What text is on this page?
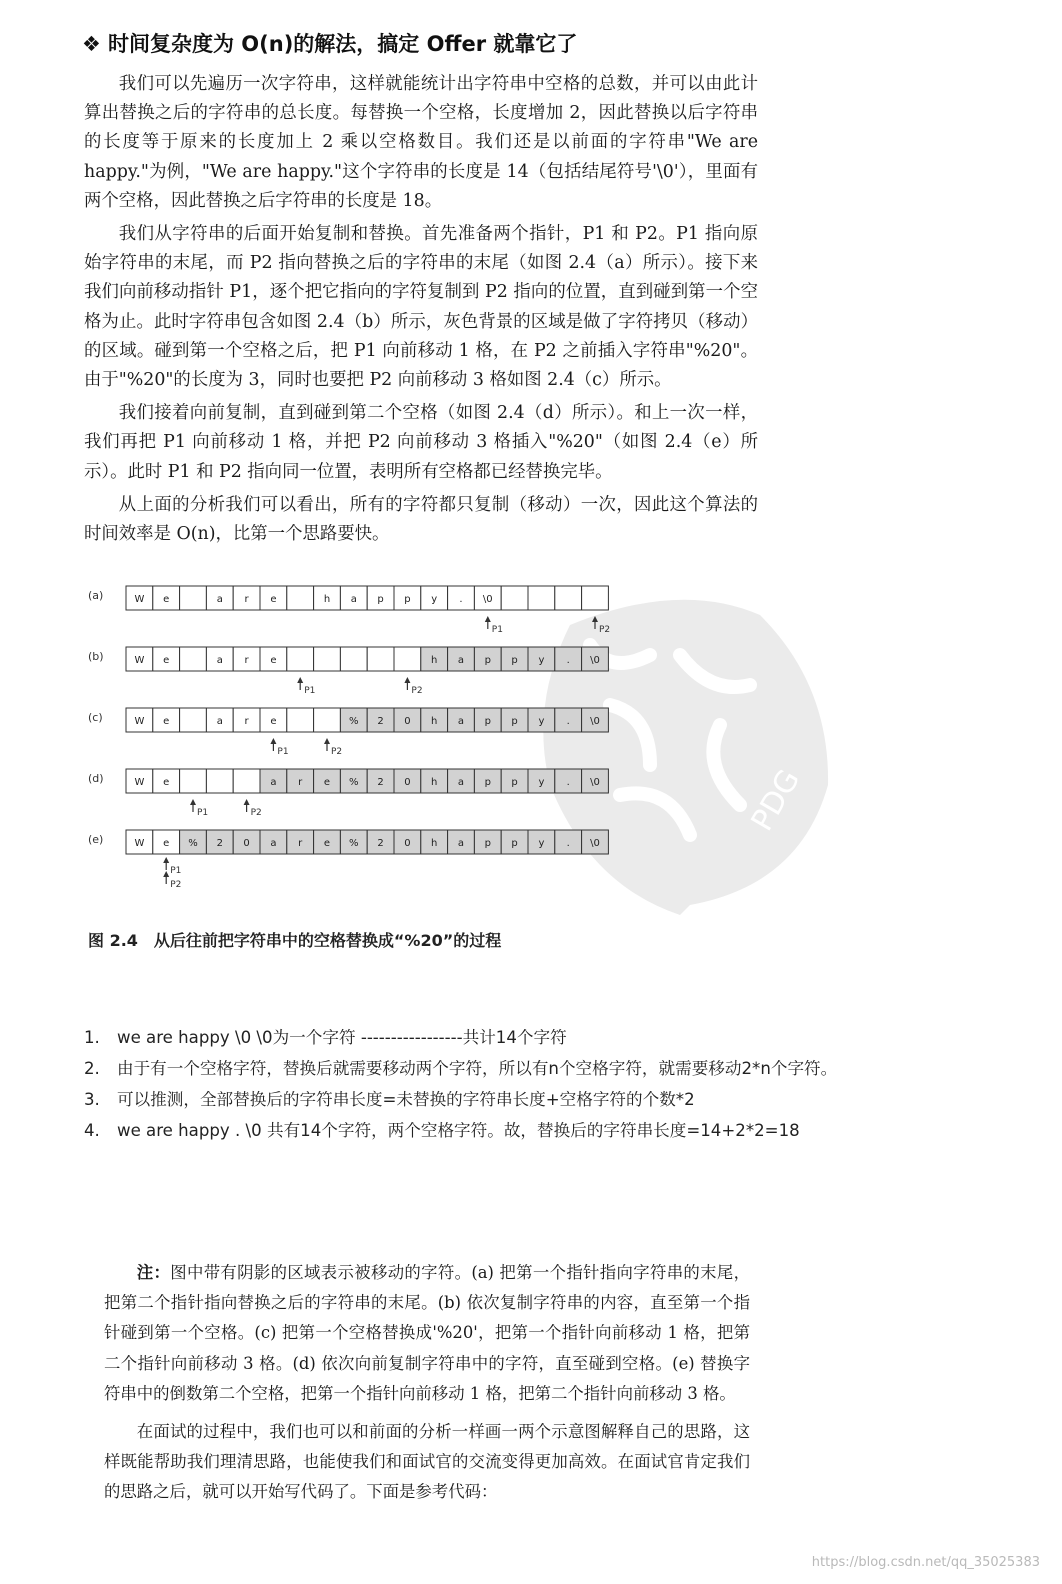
❖ 时间复杂度为 O(n)的解法，搞定 Offer 就靠它了

我们可以先遍历一次字符串，这样就能统计出字符串中空格的总数，并可以由此计算出替换之后的字符串的总长度。每替换一个空格，长度增加 2，因此替换以后字符串的长度等于原来的长度加上 2 乘以空格数目。我们还是以前面的字符串"We are happy."为例，"We are happy."这个字符串的长度是 14（包括结尾符号'\0'），里面有两个空格，因此替换之后字符串的长度是 18。

我们从字符串的后面开始复制和替换。首先准备两个指针，P1 和 P2。P1 指向原始字符串的末尾，而 P2 指向替换之后的字符串的末尾（如图 2.4（a）所示）。接下来我们向前移动指针 P1，逐个把它指向的字符复制到 P2 指向的位置，直到碰到第一个空格为止。此时字符串包含如图 2.4（b）所示，灰色背景的区域是做了字符拷贝（移动）的区域。碰到第一个空格之后，把 P1 向前移动 1 格，在 P2 之前插入字符串"%20"。由于"%20"的长度为 3，同时也要把 P2 向前移动 3 格如图 2.4（c）所示。

我们接着向前复制，直到碰到第二个空格（如图 2.4（d）所示）。和上一次一样，我们再把 P1 向前移动 1 格，并把 P2 向前移动 3 格插入"%20"（如图 2.4（e）所示）。此时 P1 和 P2 指向同一位置，表明所有空格都已经替换完毕。

从上面的分析我们可以看出，所有的字符都只复制（移动）一次，因此这个算法的时间效率是 O(n)，比第一个思路要快。

PDG
(a)	W e	a r e	h a p p y . \0
P1	P2
(b)	W e	a r e	h a p p y . \0
P1	P2
(c)	W e	a r e	% 2 0 h a p p y . \0
P1	P2
(d)	W e	a r e % 2 0 h a p p y . \0
P1	P2
(e)	W e % 2 0 a r e % 2 0 h a p p y . \0
P1
P2
图 2.4　从后往前把字符串中的空格替换成“%20”的过程
1. we are happy \0 \0为一个字符 -----------------共计14个字符
2. 由于有一个空格字符，替换后就需要移动两个字符，所以有n个空格字符，就需要移动2*n个字符。
3. 可以推测，全部替换后的字符串长度=未替换的字符串长度+空格字符的个数*2
4. we are happy . \0 共有14个字符，两个空格字符。故，替换后的字符串长度=14+2*2=18

注：图中带有阴影的区域表示被移动的字符。(a) 把第一个指针指向字符串的末尾，把第二个指针指向替换之后的字符串的末尾。(b) 依次复制字符串的内容，直至第一个指针碰到第一个空格。(c) 把第一个空格替换成'%20'，把第一个指针向前移动 1 格，把第二个指针向前移动 3 格。(d) 依次向前复制字符串中的字符，直至碰到空格。(e) 替换字符串中的倒数第二个空格，把第一个指针向前移动 1 格，把第二个指针向前移动 3 格。

在面试的过程中，我们也可以和前面的分析一样画一两个示意图解释自己的思路，这样既能帮助我们理清思路，也能使我们和面试官的交流变得更加高效。在面试官肯定我们的思路之后，就可以开始写代码了。下面是参考代码：

https://blog.csdn.net/qq_35025383
